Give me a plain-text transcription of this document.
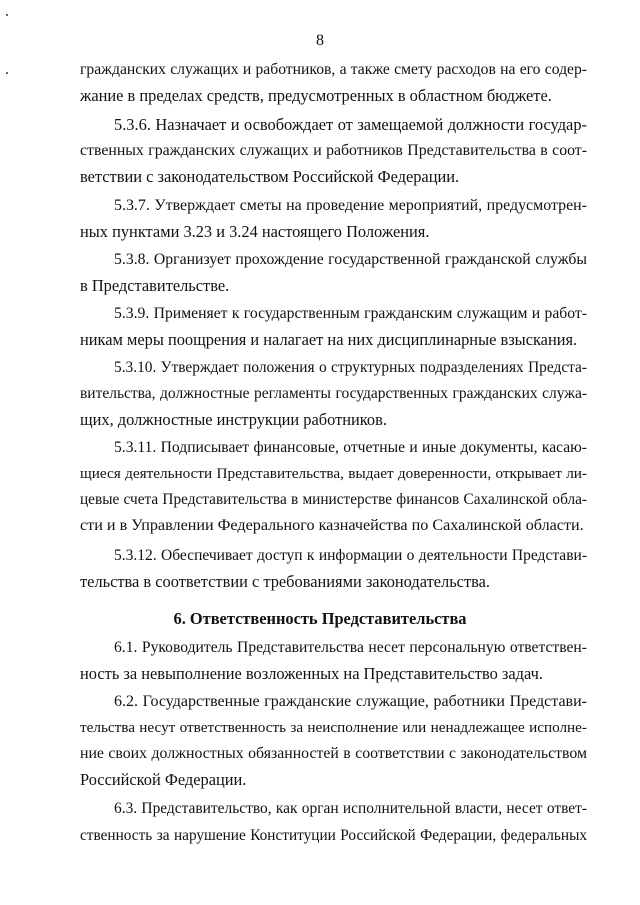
8
гражданских служащих и работников, а также смету расходов на его содер-
жание в пределах средств, предусмотренных в областном бюджете.
5.3.6. Назначает и освобождает от замещаемой должности государ-
ственных гражданских служащих и работников Представительства в соот-
ветствии с законодательством Российской Федерации.
5.3.7. Утверждает сметы на проведение мероприятий, предусмотрен-
ных пунктами 3.23 и 3.24 настоящего Положения.
5.3.8. Организует прохождение государственной гражданской службы
в Представительстве.
5.3.9. Применяет к государственным гражданским служащим и работ-
никам меры поощрения и налагает на них дисциплинарные взыскания.
5.3.10. Утверждает положения о структурных подразделениях Предста-
вительства, должностные регламенты государственных гражданских служа-
щих, должностные инструкции работников.
5.3.11. Подписывает финансовые, отчетные и иные документы, касаю-
щиеся деятельности Представительства, выдает доверенности, открывает ли-
цевые счета Представительства в министерстве финансов Сахалинской обла-
сти и в Управлении Федерального казначейства по Сахалинской области.
5.3.12. Обеспечивает доступ к информации о деятельности Представи-
тельства в соответствии с требованиями законодательства.
6. Ответственность Представительства
6.1. Руководитель Представительства несет персональную ответствен-
ность за невыполнение возложенных на Представительство задач.
6.2. Государственные гражданские служащие, работники Представи-
тельства несут ответственность за неисполнение или ненадлежащее исполне-
ние своих должностных обязанностей в соответствии с законодательством
Российской Федерации.
6.3. Представительство, как орган исполнительной власти, несет ответ-
ственность за нарушение Конституции Российской Федерации, федеральных
